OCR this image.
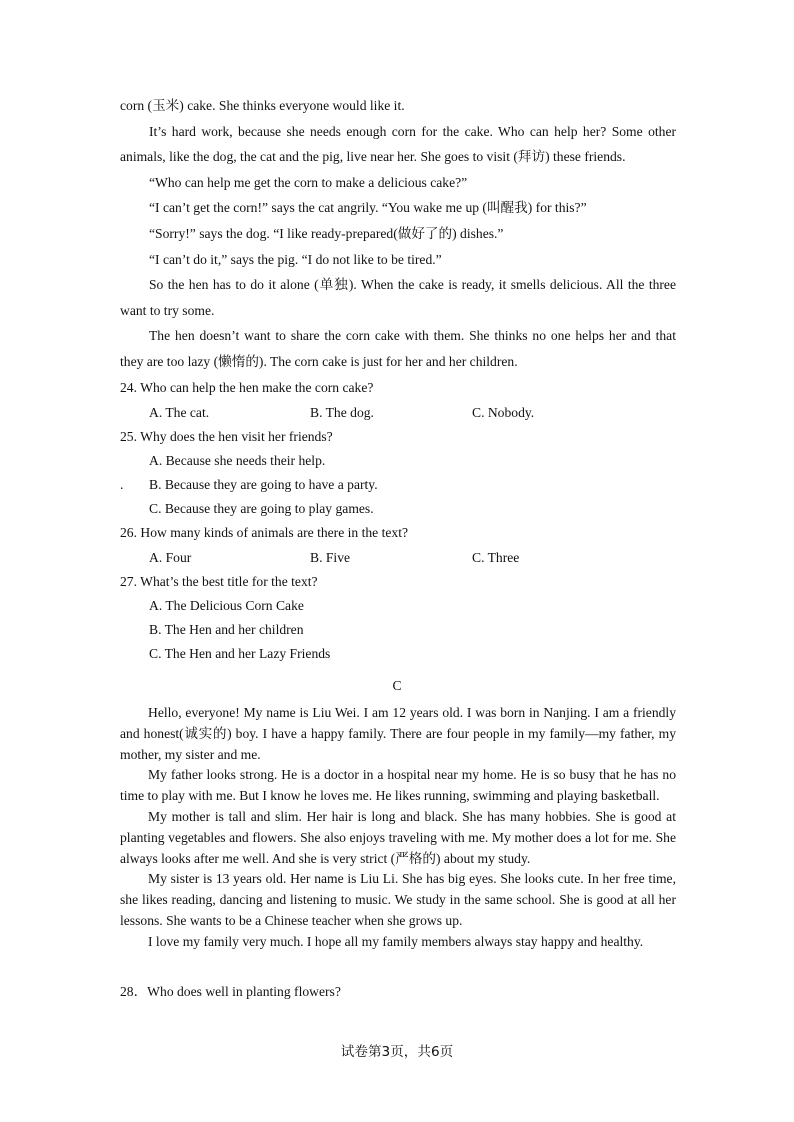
corn (玉米) cake. She thinks everyone would like it.

It’s hard work, because she needs enough corn for the cake. Who can help her? Some other animals, like the dog, the cat and the pig, live near her. She goes to visit (拜访) these friends.

“Who can help me get the corn to make a delicious cake?”

“I can’t get the corn!” says the cat angrily. “You wake me up (叫醒我) for this?”

“Sorry!” says the dog. “I like ready-prepared(做好了的) dishes.”

“I can’t do it,” says the pig. “I do not like to be tired.”

So the hen has to do it alone (单独). When the cake is ready, it smells delicious. All the three want to try some.

The hen doesn’t want to share the corn cake with them. She thinks no one helps her and that they are too lazy (懒惰的). The corn cake is just for her and her children.

24. Who can help the hen make the corn cake?
A. The cat.	B. The dog.	C. Nobody.
25. Why does the hen visit her friends?
A. Because she needs their help.
. B. Because they are going to have a party.
C. Because they are going to play games.
26. How many kinds of animals are there in the text?
A. Four	B. Five	C. Three
27. What’s the best title for the text?
A. The Delicious Corn Cake
B. The Hen and her children
C. The Hen and her Lazy Friends
C

Hello, everyone! My name is Liu Wei. I am 12 years old. I was born in Nanjing. I am a friendly and honest(诚实的) boy. I have a happy family. There are four people in my family—my father, my mother, my sister and me.

My father looks strong. He is a doctor in a hospital near my home. He is so busy that he has no time to play with me. But I know he loves me. He likes running, swimming and playing basketball.

My mother is tall and slim. Her hair is long and black. She has many hobbies. She is good at planting vegetables and flowers. She also enjoys traveling with me. My mother does a lot for me. She always looks after me well. And she is very strict (严格的) about my study.

My sister is 13 years old. Her name is Liu Li. She has big eyes. She looks cute. In her free time, she likes reading, dancing and listening to music. We study in the same school. She is good at all her lessons. She wants to be a Chinese teacher when she grows up.

I love my family very much. I hope all my family members always stay happy and healthy.

28．Who does well in planting flowers?
试卷第3页，共6页
